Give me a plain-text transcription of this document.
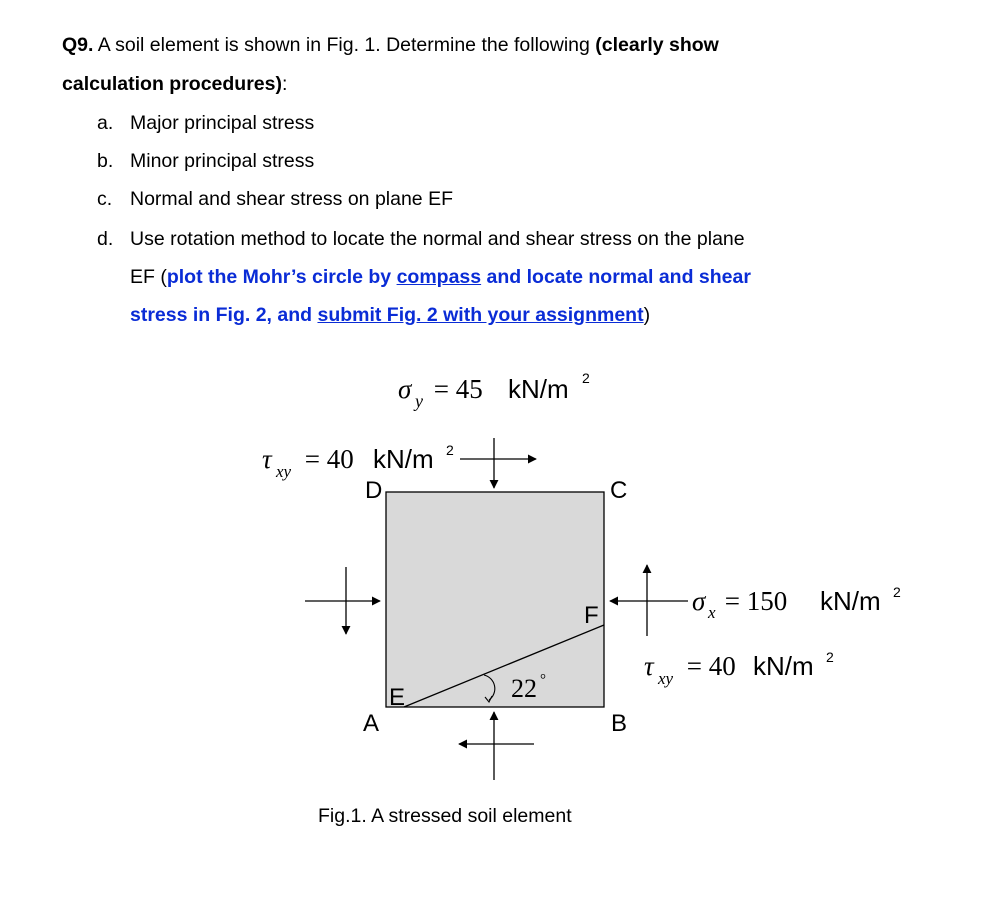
Q9. A soil element is shown in Fig. 1. Determine the following (clearly show
calculation procedures):
a. Major principal stress
b. Minor principal stress
c. Normal and shear stress on plane EF
d. Use rotation method to locate the normal and shear stress on the plane
EF (plot the Mohr’s circle by compass and locate normal and shear
stress in Fig. 2, and submit Fig. 2 with your assignment)
σ y = 45 kN/m 2
τ xy = 40 kN/m 2
σ x = 150 kN/m 2
τ xy = 40 kN/m 2
D	C
A	B
E
F
22 °
Fig.1. A stressed soil element
